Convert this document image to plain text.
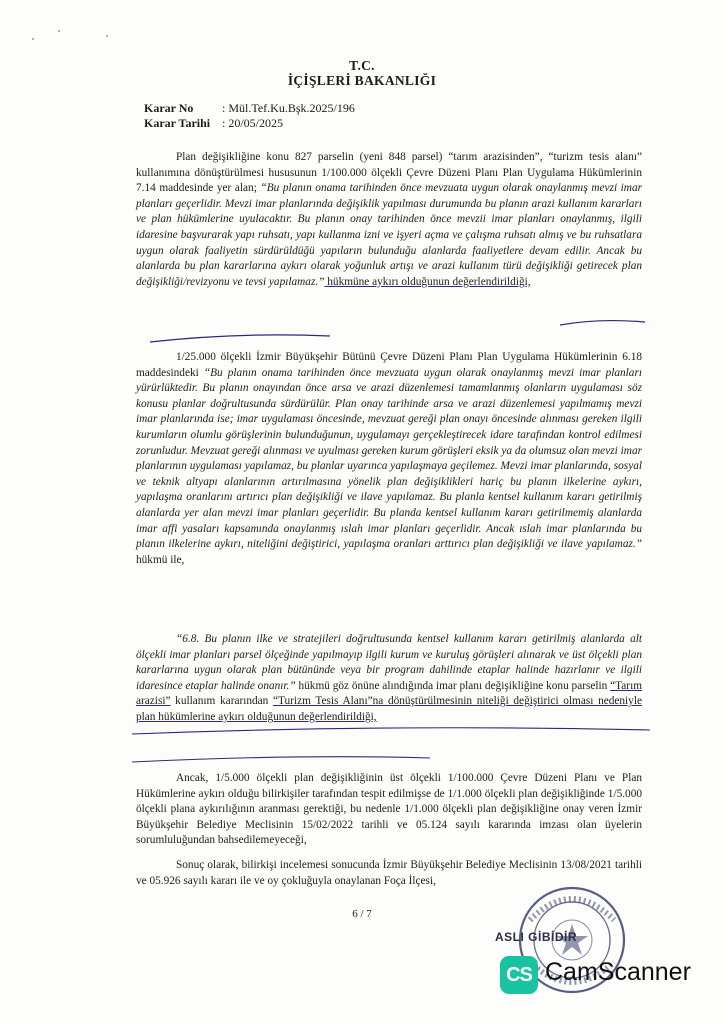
T.C.
İÇİŞLERİ BAKANLIĞI
Karar No : Mül.Tef.Ku.Bşk.2025/196
Karar Tarihi : 20/05/2025

Plan değişikliğine konu 827 parselin (yeni 848 parsel) “tarım arazisinden”, “turizm tesis alanı” kullanımına dönüştürülmesi hususunun 1/100.000 ölçekli Çevre Düzeni Planı Plan Uygulama Hükümlerinin 7.14 maddesinde yer alan; “Bu planın onama tarihinden önce mevzuata uygun olarak onaylanmış mevzi imar planları geçerlidir. Mevzi imar planlarında değişiklik yapılması durumunda bu planın arazi kullanım kararları ve plan hükümlerine uyulacaktır. Bu planın onay tarihinden önce mevzii imar planları onaylanmış, ilgili idaresine başvurarak yapı ruhsatı, yapı kullanma izni ve işyeri açma ve çalışma ruhsatı almış ve bu ruhsatlara uygun olarak faaliyetin sürdürüldüğü yapıların bulunduğu alanlarda faaliyetlere devam edilir. Ancak bu alanlarda bu plan kararlarına aykırı olarak yoğunluk artışı ve arazi kullanım türü değişikliği getirecek plan değişikliği/revizyonu ve tevsi yapılamaz.” hükmüne aykırı olduğunun değerlendirildiği,

1/25.000 ölçekli İzmir Büyükşehir Bütünü Çevre Düzeni Planı Plan Uygulama Hükümlerinin 6.18 maddesindeki “Bu planın onama tarihinden önce mevzuata uygun olarak onaylanmış mevzi imar planları yürürlüktedir. Bu planın onayından önce arsa ve arazi düzenlemesi tamamlanmış olanların uygulaması söz konusu planlar doğrultusunda sürdürülür. Plan onay tarihinde arsa ve arazi düzenlemesi yapılmamış mevzi imar planlarında ise; imar uygulaması öncesinde, mevzuat gereği plan onayı öncesinde alınması gereken ilgili kurumların olumlu görüşlerinin bulunduğunun, uygulamayı gerçekleştirecek idare tarafından kontrol edilmesi zorunludur. Mevzuat gereği alınması ve uyulması gereken kurum görüşleri eksik ya da olumsuz olan mevzi imar planlarının uygulaması yapılamaz, bu planlar uyarınca yapılaşmaya geçilemez. Mevzi imar planlarında, sosyal ve teknik altyapı alanlarının artırılmasına yönelik plan değişiklikleri hariç bu planın ilkelerine aykırı, yapılaşma oranlarını artırıcı plan değişikliği ve ilave yapılamaz. Bu planla kentsel kullanım kararı getirilmiş alanlarda yer alan mevzi imar planları geçerlidir. Bu planda kentsel kullanım kararı getirilmemiş alanlarda imar affi yasaları kapsamında onaylanmış ıslah imar planları geçerlidir. Ancak ıslah imar planlarında bu planın ilkelerine aykırı, niteliğini değiştirici, yapılaşma oranları arttırıcı plan değişikliği ve ilave yapılamaz.” hükmü ile,

“6.8. Bu planın ilke ve stratejileri doğrultusunda kentsel kullanım kararı getirilmiş alanlarda alt ölçekli imar planları parsel ölçeğinde yapılmayıp ilgili kurum ve kuruluş görüşleri alınarak ve üst ölçekli plan kararlarına uygun olarak plan bütününde veya bir program dahilinde etaplar halinde hazırlanır ve ilgili idaresince etaplar halinde onanır.” hükmü göz önüne alındığında imar planı değişikliğine konu parselin “Tarım arazisi” kullanım kararından “Turizm Tesis Alanı”na dönüştürülmesinin niteliği değiştirici olması nedeniyle plan hükümlerine aykırı olduğunun değerlendirildiği,

Ancak, 1/5.000 ölçekli plan değişikliğinin üst ölçekli 1/100.000 Çevre Düzeni Planı ve Plan Hükümlerine aykırı olduğu bilirkişiler tarafından tespit edilmişse de 1/1.000 ölçekli plan değişikliğinde 1/5.000 ölçekli plana aykırılığının aranması gerektiği, bu nedenle 1/1.000 ölçekli plan değişikliğine onay veren İzmir Büyükşehir Belediye Meclisinin 15/02/2022 tarihli ve 05.124 sayılı kararında imzası olan üyelerin sorumluluğundan bahsedilemeyeceği,

Sonuç olarak, bilirkişi incelemesi sonucunda İzmir Büyükşehir Belediye Meclisinin 13/08/2021 tarihli ve 05.926 sayılı kararı ile ve oy çokluğuyla onaylanan Foça İlçesi,

6 / 7
ASLI GİBİDİR
CS CamScanner
